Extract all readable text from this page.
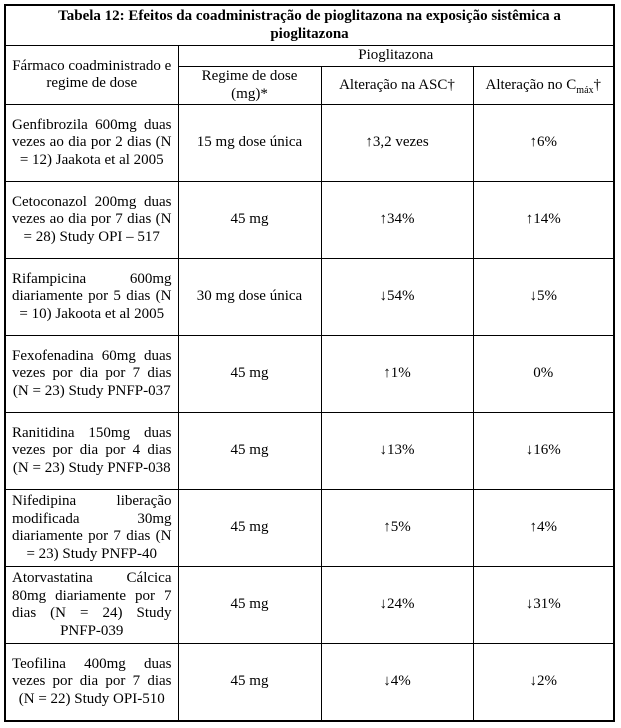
Tabela 12: Efeitos da coadministração de pioglitazona na exposição sistêmica a pioglitazona			
Fármaco coadministrado e regime de dose	Pioglitazona		
	Regime de dose (mg)*	Alteração na ASC†	Alteração no $C_{máx}\dagger$
Genfibrozila 600mg duas vezes ao dia por 2 dias (N = 12) Jaakota et al 2005	15 mg dose única	↑3,2 vezes	↑6%
Cetoconazol 200mg duas vezes ao dia por 7 dias (N = 28) Study OPI – 517	45 mg	↑34%	↑14%
Rifampicina 600mg diariamente por 5 dias (N = 10) Jakoota et al 2005	30 mg dose única	↓54%	↓5%
Fexofenadina 60mg duas vezes por dia por 7 dias (N = 23) Study PNFP-037	45 mg	↑1%	0%
Ranitidina 150mg duas vezes por dia por 4 dias (N = 23) Study PNFP-038	45 mg	↓13%	↓16%
Nifedipina liberação modificada 30mg diariamente por 7 dias (N = 23) Study PNFP-40	45 mg	↑5%	↑4%
Atorvastatina Cálcica 80mg diariamente por 7 dias (N = 24) Study PNFP-039	45 mg	↓24%	↓31%
Teofilina 400mg duas vezes por dia por 7 dias (N = 22) Study OPI-510	45 mg	↓4%	↓2%
